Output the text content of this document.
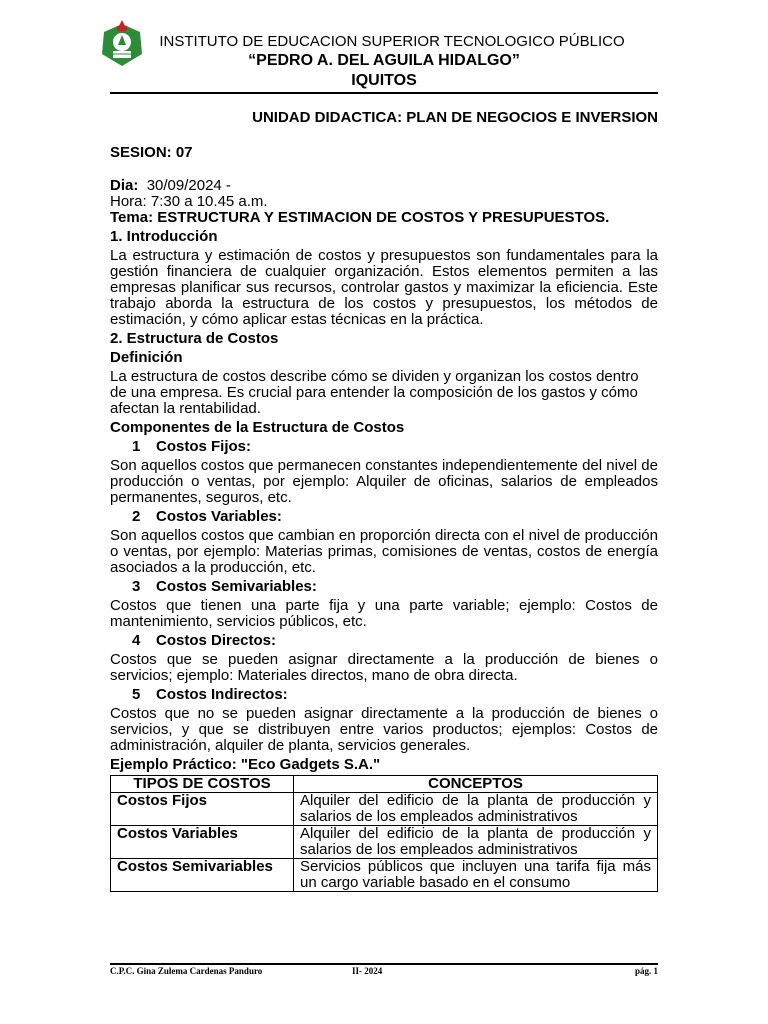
INSTITUTO DE EDUCACION SUPERIOR TECNOLOGICO PÚBLICO
“PEDRO A. DEL AGUILA HIDALGO”
IQUITOS
UNIDAD DIDACTICA: PLAN DE NEGOCIOS E INVERSION
SESION: 07

Dia: 30/09/2024 -

Hora: 7:30 a 10.45 a.m.

Tema: ESTRUCTURA Y ESTIMACION DE COSTOS Y PRESUPUESTOS.

1. Introducción

La estructura y estimación de costos y presupuestos son fundamentales para la gestión financiera de cualquier organización. Estos elementos permiten a las empresas planificar sus recursos, controlar gastos y maximizar la eficiencia. Este trabajo aborda la estructura de los costos y presupuestos, los métodos de estimación, y cómo aplicar estas técnicas en la práctica.

2. Estructura de Costos

Definición

La estructura de costos describe cómo se dividen y organizan los costos dentro de una empresa. Es crucial para entender la composición de los gastos y cómo afectan la rentabilidad.

Componentes de la Estructura de Costos

1 Costos Fijos:

Son aquellos costos que permanecen constantes independientemente del nivel de producción o ventas, por ejemplo: Alquiler de oficinas, salarios de empleados permanentes, seguros, etc.

2 Costos Variables:

Son aquellos costos que cambian en proporción directa con el nivel de producción o ventas, por ejemplo: Materias primas, comisiones de ventas, costos de energía asociados a la producción, etc.

3 Costos Semivariables:

Costos que tienen una parte fija y una parte variable; ejemplo: Costos de mantenimiento, servicios públicos, etc.

4 Costos Directos:

Costos que se pueden asignar directamente a la producción de bienes o servicios; ejemplo: Materiales directos, mano de obra directa.

5 Costos Indirectos:

Costos que no se pueden asignar directamente a la producción de bienes o servicios, y que se distribuyen entre varios productos; ejemplos: Costos de administración, alquiler de planta, servicios generales.

Ejemplo Práctico: "Eco Gadgets S.A."

TIPOS DE COSTOS	CONCEPTOS
Costos Fijos	Alquiler del edificio de la planta de producción y salarios de los empleados administrativos
Costos Variables	Alquiler del edificio de la planta de producción y salarios de los empleados administrativos
Costos Semivariables	Servicios públicos que incluyen una tarifa fija más un cargo variable basado en el consumo
C.P.C. Gina Zulema Cardenas Panduro	II- 2024	pág. 1
